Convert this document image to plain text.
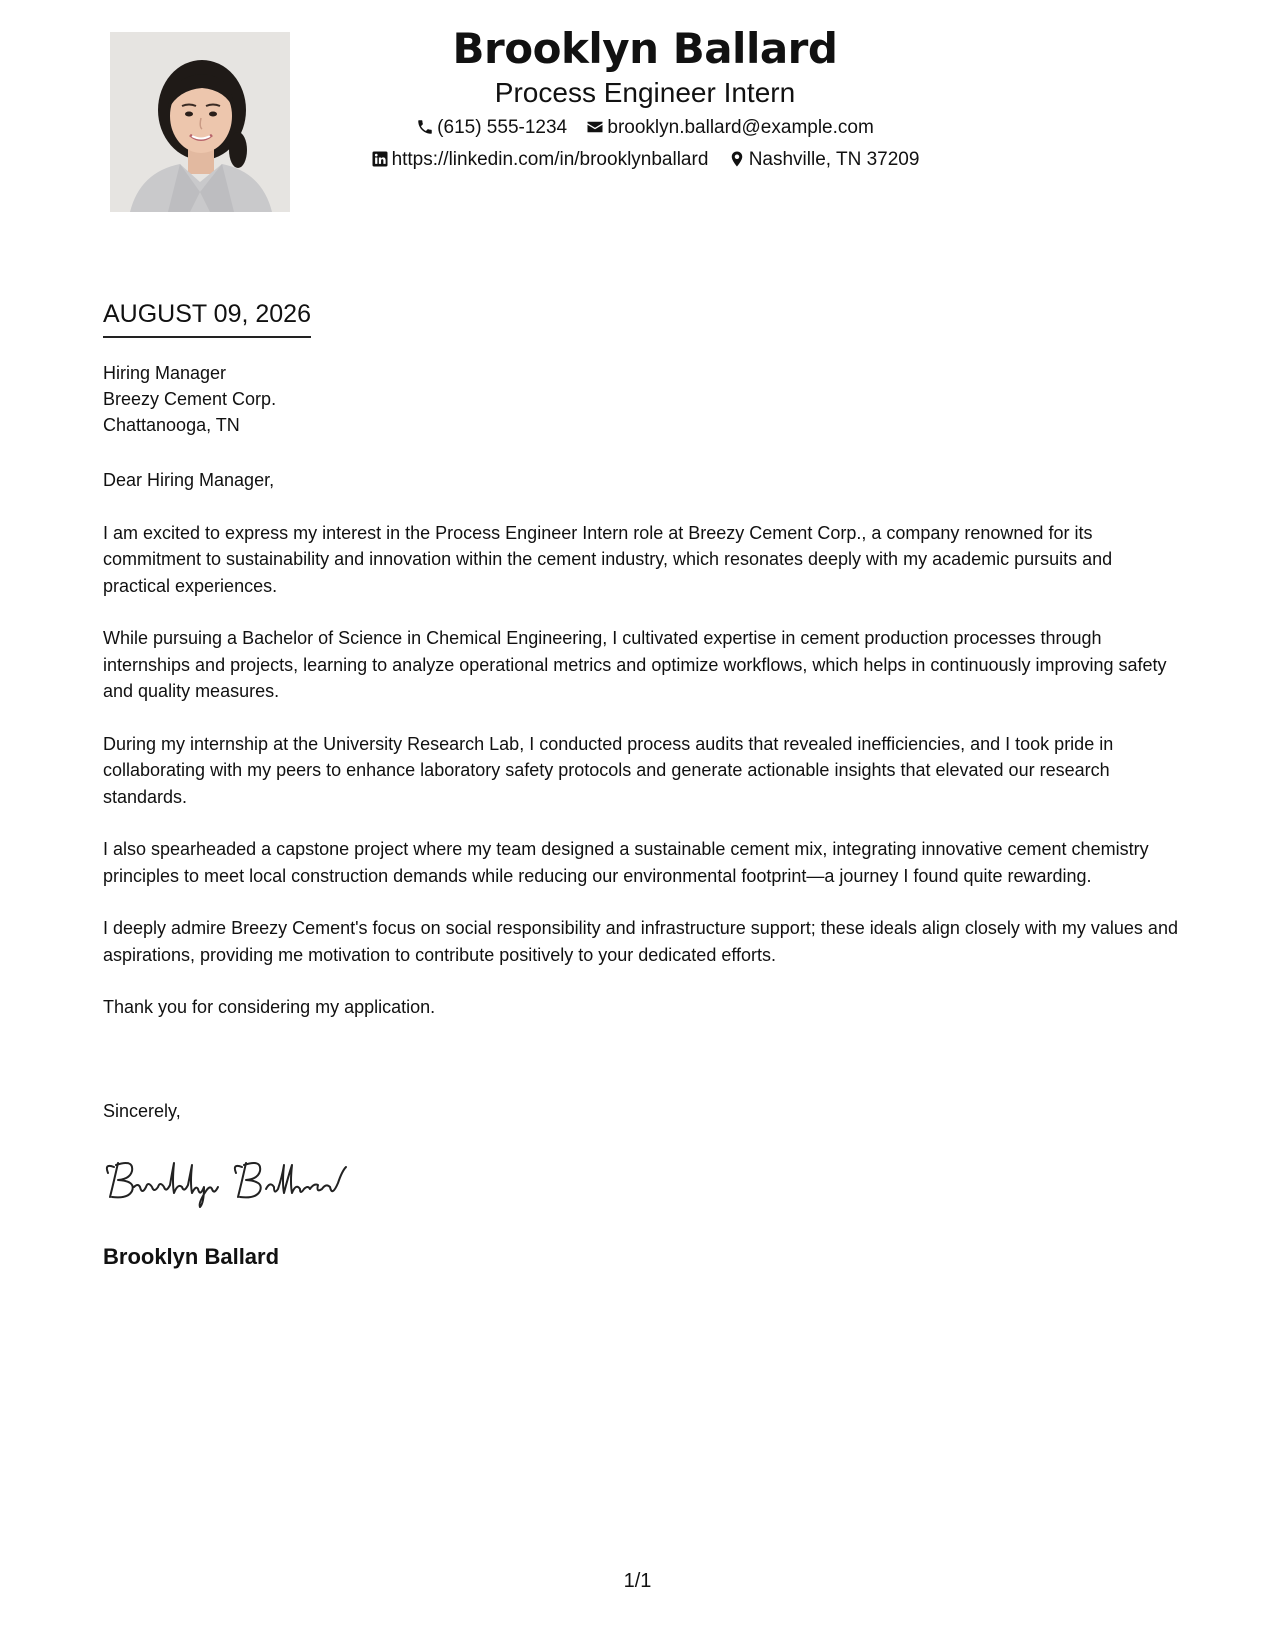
Brooklyn Ballard
Process Engineer Intern
(615) 555-1234 brooklyn.ballard@example.com
https://linkedin.com/in/brooklynballard Nashville, TN 37209
AUGUST 09, 2026
Hiring Manager
Breezy Cement Corp.
Chattanooga, TN

Dear Hiring Manager,

I am excited to express my interest in the Process Engineer Intern role at Breezy Cement Corp., a company renowned for its commitment to sustainability and innovation within the cement industry, which resonates deeply with my academic pursuits and practical experiences.

While pursuing a Bachelor of Science in Chemical Engineering, I cultivated expertise in cement production processes through internships and projects, learning to analyze operational metrics and optimize workflows, which helps in continuously improving safety and quality measures.

During my internship at the University Research Lab, I conducted process audits that revealed inefficiencies, and I took pride in collaborating with my peers to enhance laboratory safety protocols and generate actionable insights that elevated our research standards.

I also spearheaded a capstone project where my team designed a sustainable cement mix, integrating innovative cement chemistry principles to meet local construction demands while reducing our environmental footprint—a journey I found quite rewarding.

I deeply admire Breezy Cement's focus on social responsibility and infrastructure support; these ideals align closely with my values and aspirations, providing me motivation to contribute positively to your dedicated efforts.

Thank you for considering my application.

Sincerely,
Brooklyn Ballard
1/1
